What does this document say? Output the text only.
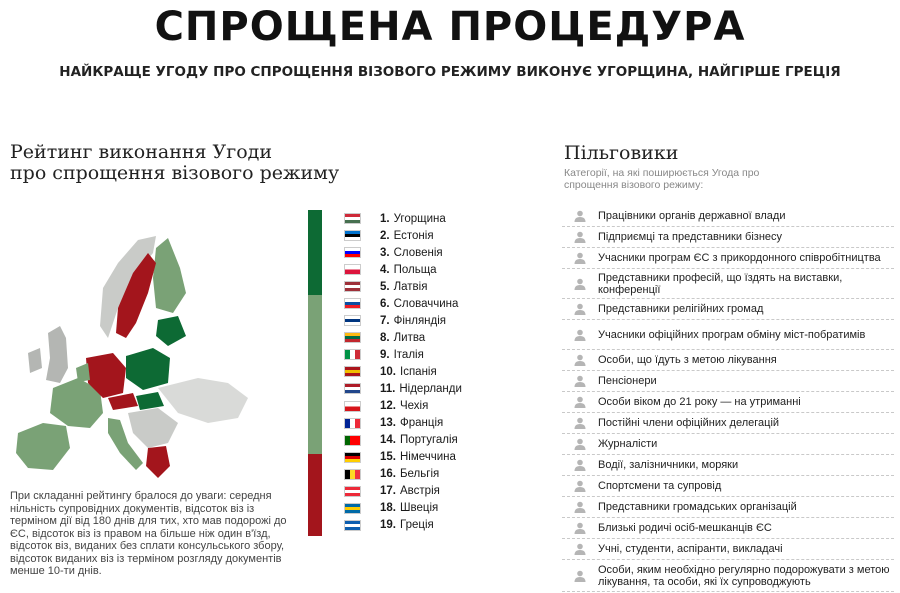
СПРОЩЕНА ПРОЦЕДУРА
НАЙКРАЩЕ УГОДУ ПРО СПРОЩЕННЯ ВІЗОВОГО РЕЖИМУ ВИКОНУЄ УГОРЩИНА, НАЙГІРШЕ ГРЕЦІЯ
Рейтинг виконання Угоди
про спрощення візового режиму
При складанні рейтингу бралося до уваги: середня нільність супровідних документів, відсоток віз із терміном дії від 180 днів для тих, хто мав подорожі до ЄС, відсоток віз із правом на більше ніж один в'їзд, відсоток віз, виданих без сплати консульського збору, відсоток виданих віз із терміном розгляду документів менше 10-ти днів.
1. Угорщина
2. Естонія
3. Словенія
4. Польща
5. Латвія
6. Словаччина
7. Фінляндія
8. Литва
9. Італія
10. Іспанія
11. Нідерланди
12. Чехія
13. Франція
14. Португалія
15. Німеччина
16. Бельгія
17. Австрія
18. Швеція
19. Греція
Пільговики
Категорії, на які поширюється Угода про спрощення візового режиму:
Працівники органів державної влади
Підприємці та представники бізнесу
Учасники програм ЄС з прикордонного співробітництва
Представники професій, що їздять на виставки, конференції
Представники релігійних громад
Учасники офіційних програм обміну міст-побратимів
Особи, що їдуть з метою лікування
Пенсіонери
Особи віком до 21 року — на утриманні
Постійні члени офіційних делегацій
Журналісти
Водії, залізничники, моряки
Спортсмени та супровід
Представники громадських організацій
Близькі родичі осіб-мешканців ЄС
Учні, студенти, аспіранти, викладачі
Особи, яким необхідно регулярно подорожувати з метою лікування, та особи, які їх супроводжують
